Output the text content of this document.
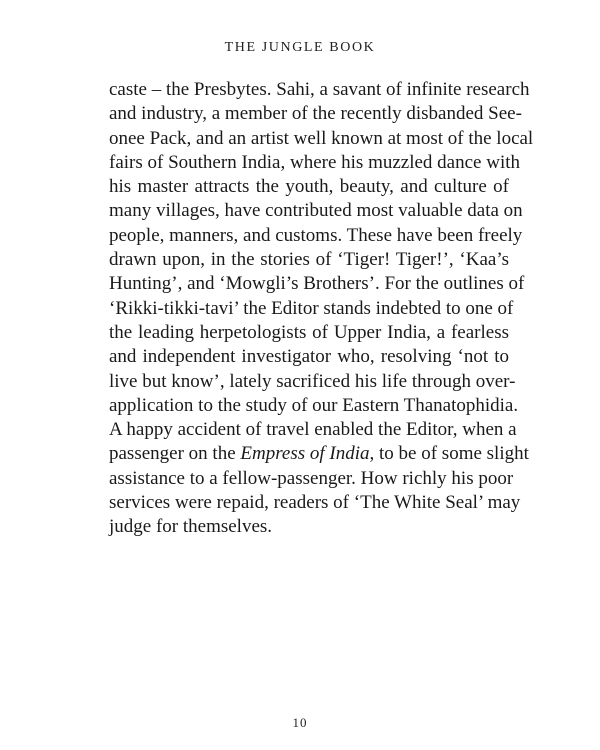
THE JUNGLE BOOK
caste – the Presbytes. Sahi, a savant of infinite research
and industry, a member of the recently disbanded See-
onee Pack, and an artist well known at most of the local
fairs of Southern India, where his muzzled dance with
his master attracts the youth, beauty, and culture of
many villages, have contributed most valuable data on
people, manners, and customs. These have been freely
drawn upon, in the stories of ‘Tiger! Tiger!’, ‘Kaa’s
Hunting’, and ‘Mowgli’s Brothers’. For the outlines of
‘Rikki-tikki-tavi’ the Editor stands indebted to one of
the leading herpetologists of Upper India, a fearless
and independent investigator who, resolving ‘not to
live but know’, lately sacrificed his life through over-
application to the study of our Eastern Thanatophidia.
A happy accident of travel enabled the Editor, when a
passenger on the Empress of India, to be of some slight
assistance to a fellow-passenger. How richly his poor
services were repaid, readers of ‘The White Seal’ may
judge for themselves.
10
